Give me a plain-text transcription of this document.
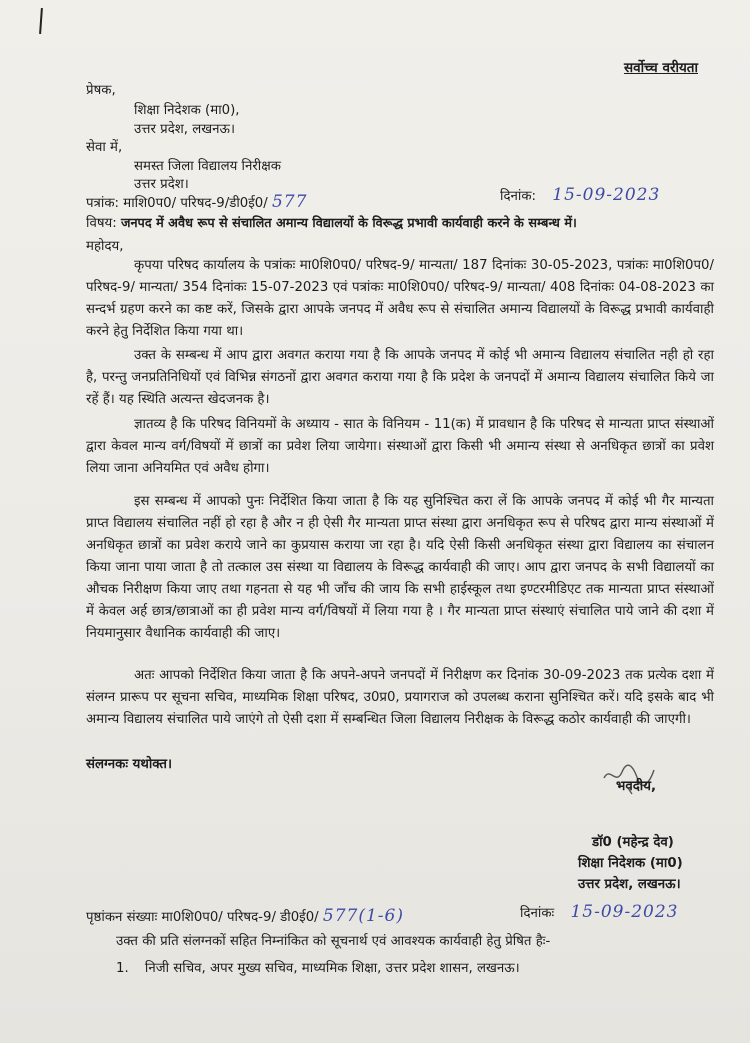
सर्वोच्च वरीयता
प्रेषक,
शिक्षा निदेशक (मा0),
उत्तर प्रदेश, लखनऊ।
सेवा में,
समस्त जिला विद्यालय निरीक्षक
उत्तर प्रदेश।
पत्रांक: माशि0प0/ परिषद-9/डी0ई0/ 577	दिनांक: 15-09-2023
विषय: जनपद में अवैध रूप से संचालित अमान्य विद्यालयों के विरूद्ध प्रभावी कार्यवाही करने के सम्बन्ध में।
महोदय,

कृपया परिषद कार्यालय के पत्रांकः मा0शि0प0/ परिषद-9/ मान्यता/ 187 दिनांकः 30-05-2023, पत्रांकः मा0शि0प0/ परिषद-9/ मान्यता/ 354 दिनांकः 15-07-2023 एवं पत्रांकः मा0शि0प0/ परिषद-9/ मान्यता/ 408 दिनांकः 04-08-2023 का सन्दर्भ ग्रहण करने का कष्ट करें, जिसके द्वारा आपके जनपद में अवैध रूप से संचालित अमान्य विद्यालयों के विरूद्ध प्रभावी कार्यवाही करने हेतु निर्देशित किया गया था।

उक्त के सम्बन्ध में आप द्वारा अवगत कराया गया है कि आपके जनपद में कोई भी अमान्य विद्यालय संचालित नही हो रहा है, परन्तु जनप्रतिनिधियों एवं विभिन्न संगठनों द्वारा अवगत कराया गया है कि प्रदेश के जनपदों में अमान्य विद्यालय संचालित किये जा रहें हैं। यह स्थिति अत्यन्त खेदजनक है।

ज्ञातव्य है कि परिषद विनियमों के अध्याय - सात के विनियम - 11(क) में प्रावधान है कि परिषद से मान्यता प्राप्त संस्थाओं द्वारा केवल मान्य वर्ग/विषयों में छात्रों का प्रवेश लिया जायेगा। संस्थाओं द्वारा किसी भी अमान्य संस्था से अनधिकृत छात्रों का प्रवेश लिया जाना अनियमित एवं अवैध होगा।

इस सम्बन्ध में आपको पुनः निर्देशित किया जाता है कि यह सुनिश्चित करा लें कि आपके जनपद में कोई भी गैर मान्यता प्राप्त विद्यालय संचालित नहीं हो रहा है और न ही ऐसी गैर मान्यता प्राप्त संस्था द्वारा अनधिकृत रूप से परिषद द्वारा मान्य संस्थाओं में अनधिकृत छात्रों का प्रवेश कराये जाने का कुप्रयास कराया जा रहा है। यदि ऐसी किसी अनधिकृत संस्था द्वारा विद्यालय का संचालन किया जाना पाया जाता है तो तत्काल उस संस्था या विद्यालय के विरूद्ध कार्यवाही की जाए। आप द्वारा जनपद के सभी विद्यालयों का औचक निरीक्षण किया जाए तथा गहनता से यह भी जाँच की जाय कि सभी हाईस्कूल तथा इण्टरमीडिएट तक मान्यता प्राप्त संस्थाओं में केवल अर्ह छात्र/छात्राओं का ही प्रवेश मान्य वर्ग/विषयों में लिया गया है । गैर मान्यता प्राप्त संस्थाएं संचालित पाये जाने की दशा में नियमानुसार वैधानिक कार्यवाही की जाए।

अतः आपको निर्देशित किया जाता है कि अपने-अपने जनपदों में निरीक्षण कर दिनांक 30-09-2023 तक प्रत्येक दशा में संलग्न प्रारूप पर सूचना सचिव, माध्यमिक शिक्षा परिषद, उ0प्र0, प्रयागराज को उपलब्ध कराना सुनिश्चित करें। यदि इसके बाद भी अमान्य विद्यालय संचालित पाये जाएंगे तो ऐसी दशा में सम्बन्धित जिला विद्यालय निरीक्षक के विरूद्ध कठोर कार्यवाही की जाएगी।

संलग्नकः यथोक्त।
भवदीय,
डॉ0 (महेन्द्र देव)
शिक्षा निदेशक (मा0)
उत्तर प्रदेश, लखनऊ।
पृष्ठांकन संख्याः मा0शि0प0/ परिषद-9/ डी0ई0/ 577(1-6)	दिनांकः 15-09-2023
उक्त की प्रति संलग्नकों सहित निम्नांकित को सूचनार्थ एवं आवश्यक कार्यवाही हेतु प्रेषित हैः-
1. निजी सचिव, अपर मुख्य सचिव, माध्यमिक शिक्षा, उत्तर प्रदेश शासन, लखनऊ।
